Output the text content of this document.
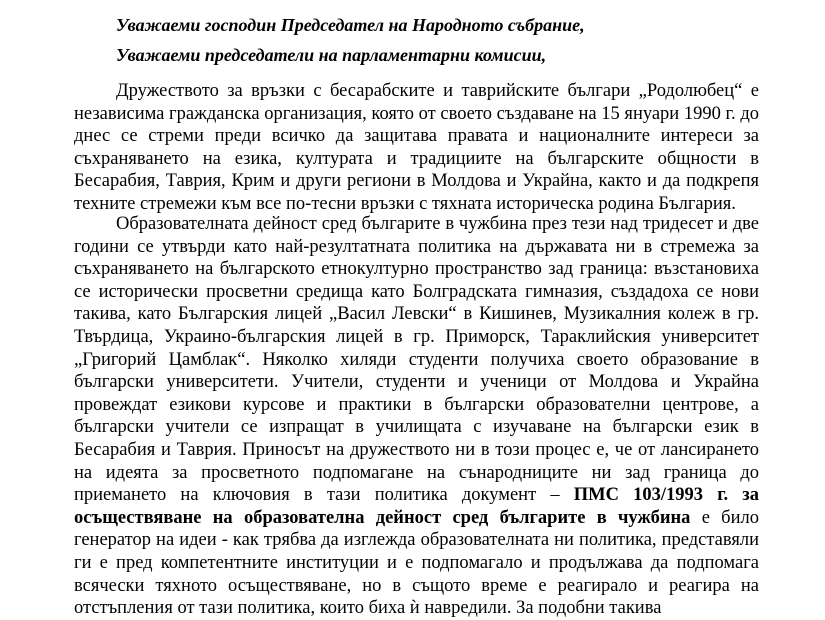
Уважаеми господин Председател на Народното събрание,
Уважаеми председатели на парламентарни комисии,

Дружеството за връзки с бесарабските и таврийските българи „Родолюбец“ е независима гражданска организация, която от своето създаване на 15 януари 1990 г. до днес се стреми преди всичко да защитава правата и националните интереси за съхраняването на езика, културата и традициите на българските общности в Бесарабия, Таврия, Крим и други региони в Молдова и Украйна, както и да подкрепя техните стремежи към все по-тесни връзки с тяхната историческа родина България.

Образователната дейност сред българите в чужбина през тези над тридесет и две години се утвърди като най-резултатната политика на държавата ни в стремежа за съхраняването на българското етнокултурно пространство зад граница: възстановиха се исторически просветни средища като Болградската гимназия, създадоха се нови такива, като Българския лицей „Васил Левски“ в Кишинев, Музикалния колеж в гр. Твърдица, Украино-българския лицей в гр. Приморск, Тараклийския университет „Григорий Цамблак“. Няколко хиляди студенти получиха своето образование в български университети. Учители, студенти и ученици от Молдова и Украйна провеждат езикови курсове и практики в български образователни центрове, а български учители се изпращат в училищата с изучаване на български език в Бесарабия и Таврия. Приносът на дружеството ни в този процес е, че от лансирането на идеята за просветното подпомагане на сънародниците ни зад граница до приемането на ключовия в тази политика документ – ПМС 103/1993 г. за осъществяване на образователна дейност сред българите в чужбина е било генератор на идеи - как трябва да изглежда образователната ни политика, представяли ги е пред компетентните институции и е подпомагало и продължава да подпомага всячески тяхното осъществяване, но в същото време е реагирало и реагира на отстъпления от тази политика, които биха ѝ навредили. За подобни такива
